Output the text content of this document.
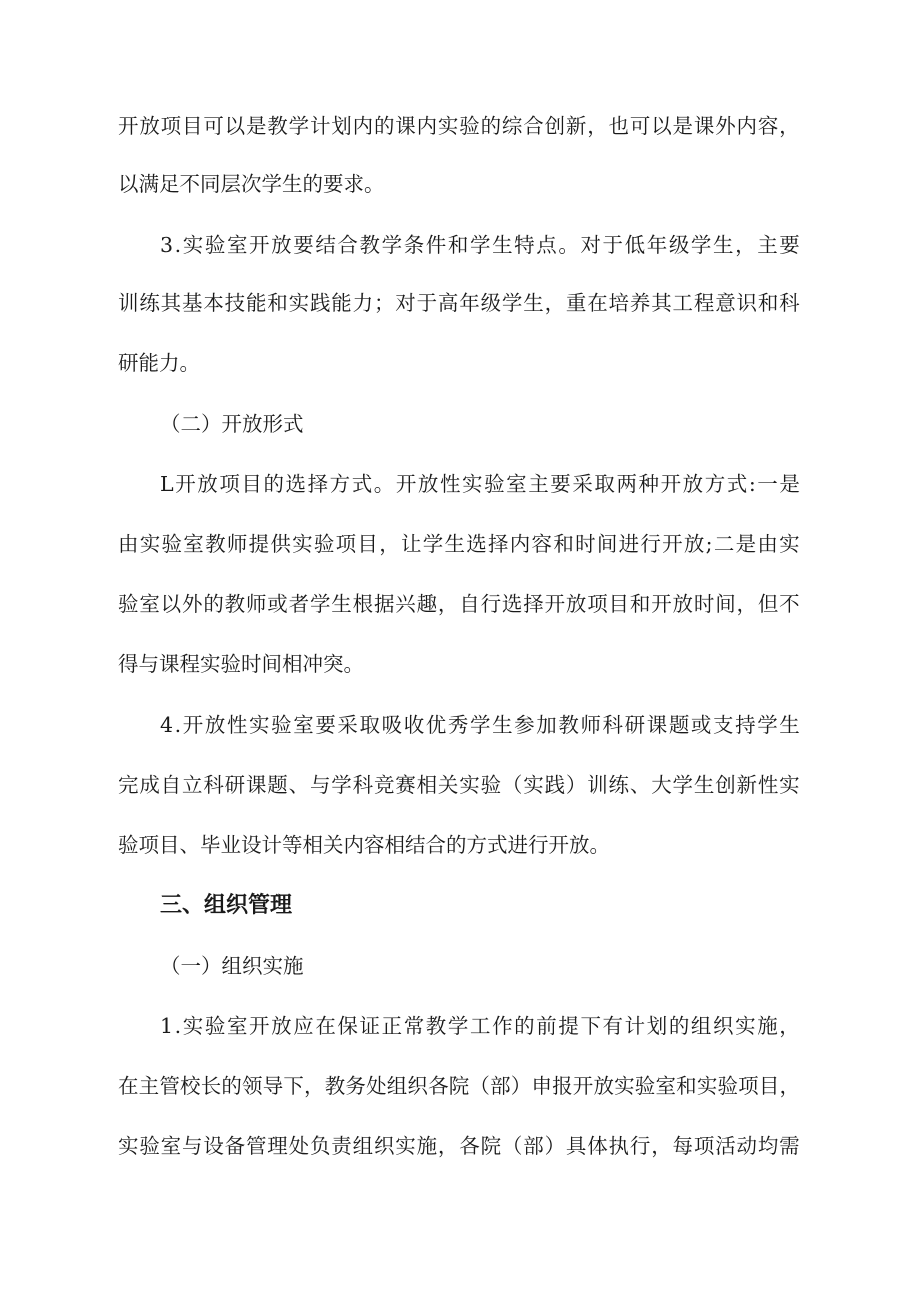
开 放 项 目 可 以 是 教 学 计 划 内 的 课 内 实 验 的 综 合 创 新 ， 也 可 以 是 课 外 内 容 ，
以满足不同层次学生的要求。
3 . 实 验 室 开 放 要 结 合 教 学 条 件 和 学 生 特 点 。 对 于 低 年 级 学 生 ， 主 要
训 练 其 基 本 技 能 和 实 践 能 力 ； 对 于 高 年 级 学 生 ， 重 在 培 养 其 工 程 意 识 和 科
研能力。
（二）开放形式
L 开 放 项 目 的 选 择 方 式 。 开 放 性 实 验 室 主 要 采 取 两 种 开 放 方 式 : 一 是
由 实 验 室 教 师 提 供 实 验 项 目 ， 让 学 生 选 择 内 容 和 时 间 进 行 开 放 ; 二 是 由 实
验 室 以 外 的 教 师 或 者 学 生 根 据 兴 趣 ， 自 行 选 择 开 放 项 目 和 开 放 时 间 ， 但 不
得与课程实验时间相冲突。
4 . 开 放 性 实 验 室 要 采 取 吸 收 优 秀 学 生 参 加 教 师 科 研 课 题 或 支 持 学 生
完 成 自 立 科 研 课 题 、 与 学 科 竞 赛 相 关 实 验 （ 实 践 ） 训 练 、 大 学 生 创 新 性 实
验项目、毕业设计等相关内容相结合的方式进行开放。
三、组织管理
（一）组织实施
1 . 实 验 室 开 放 应 在 保 证 正 常 教 学 工 作 的 前 提 下 有 计 划 的 组 织 实 施 ，
在 主 管 校 长 的 领 导 下 ， 教 务 处 组 织 各 院 （ 部 ） 申 报 开 放 实 验 室 和 实 验 项 目 ，
实 验 室 与 设 备 管 理 处 负 责 组 织 实 施 ， 各 院 （ 部 ） 具 体 执 行 ， 每 项 活 动 均 需
